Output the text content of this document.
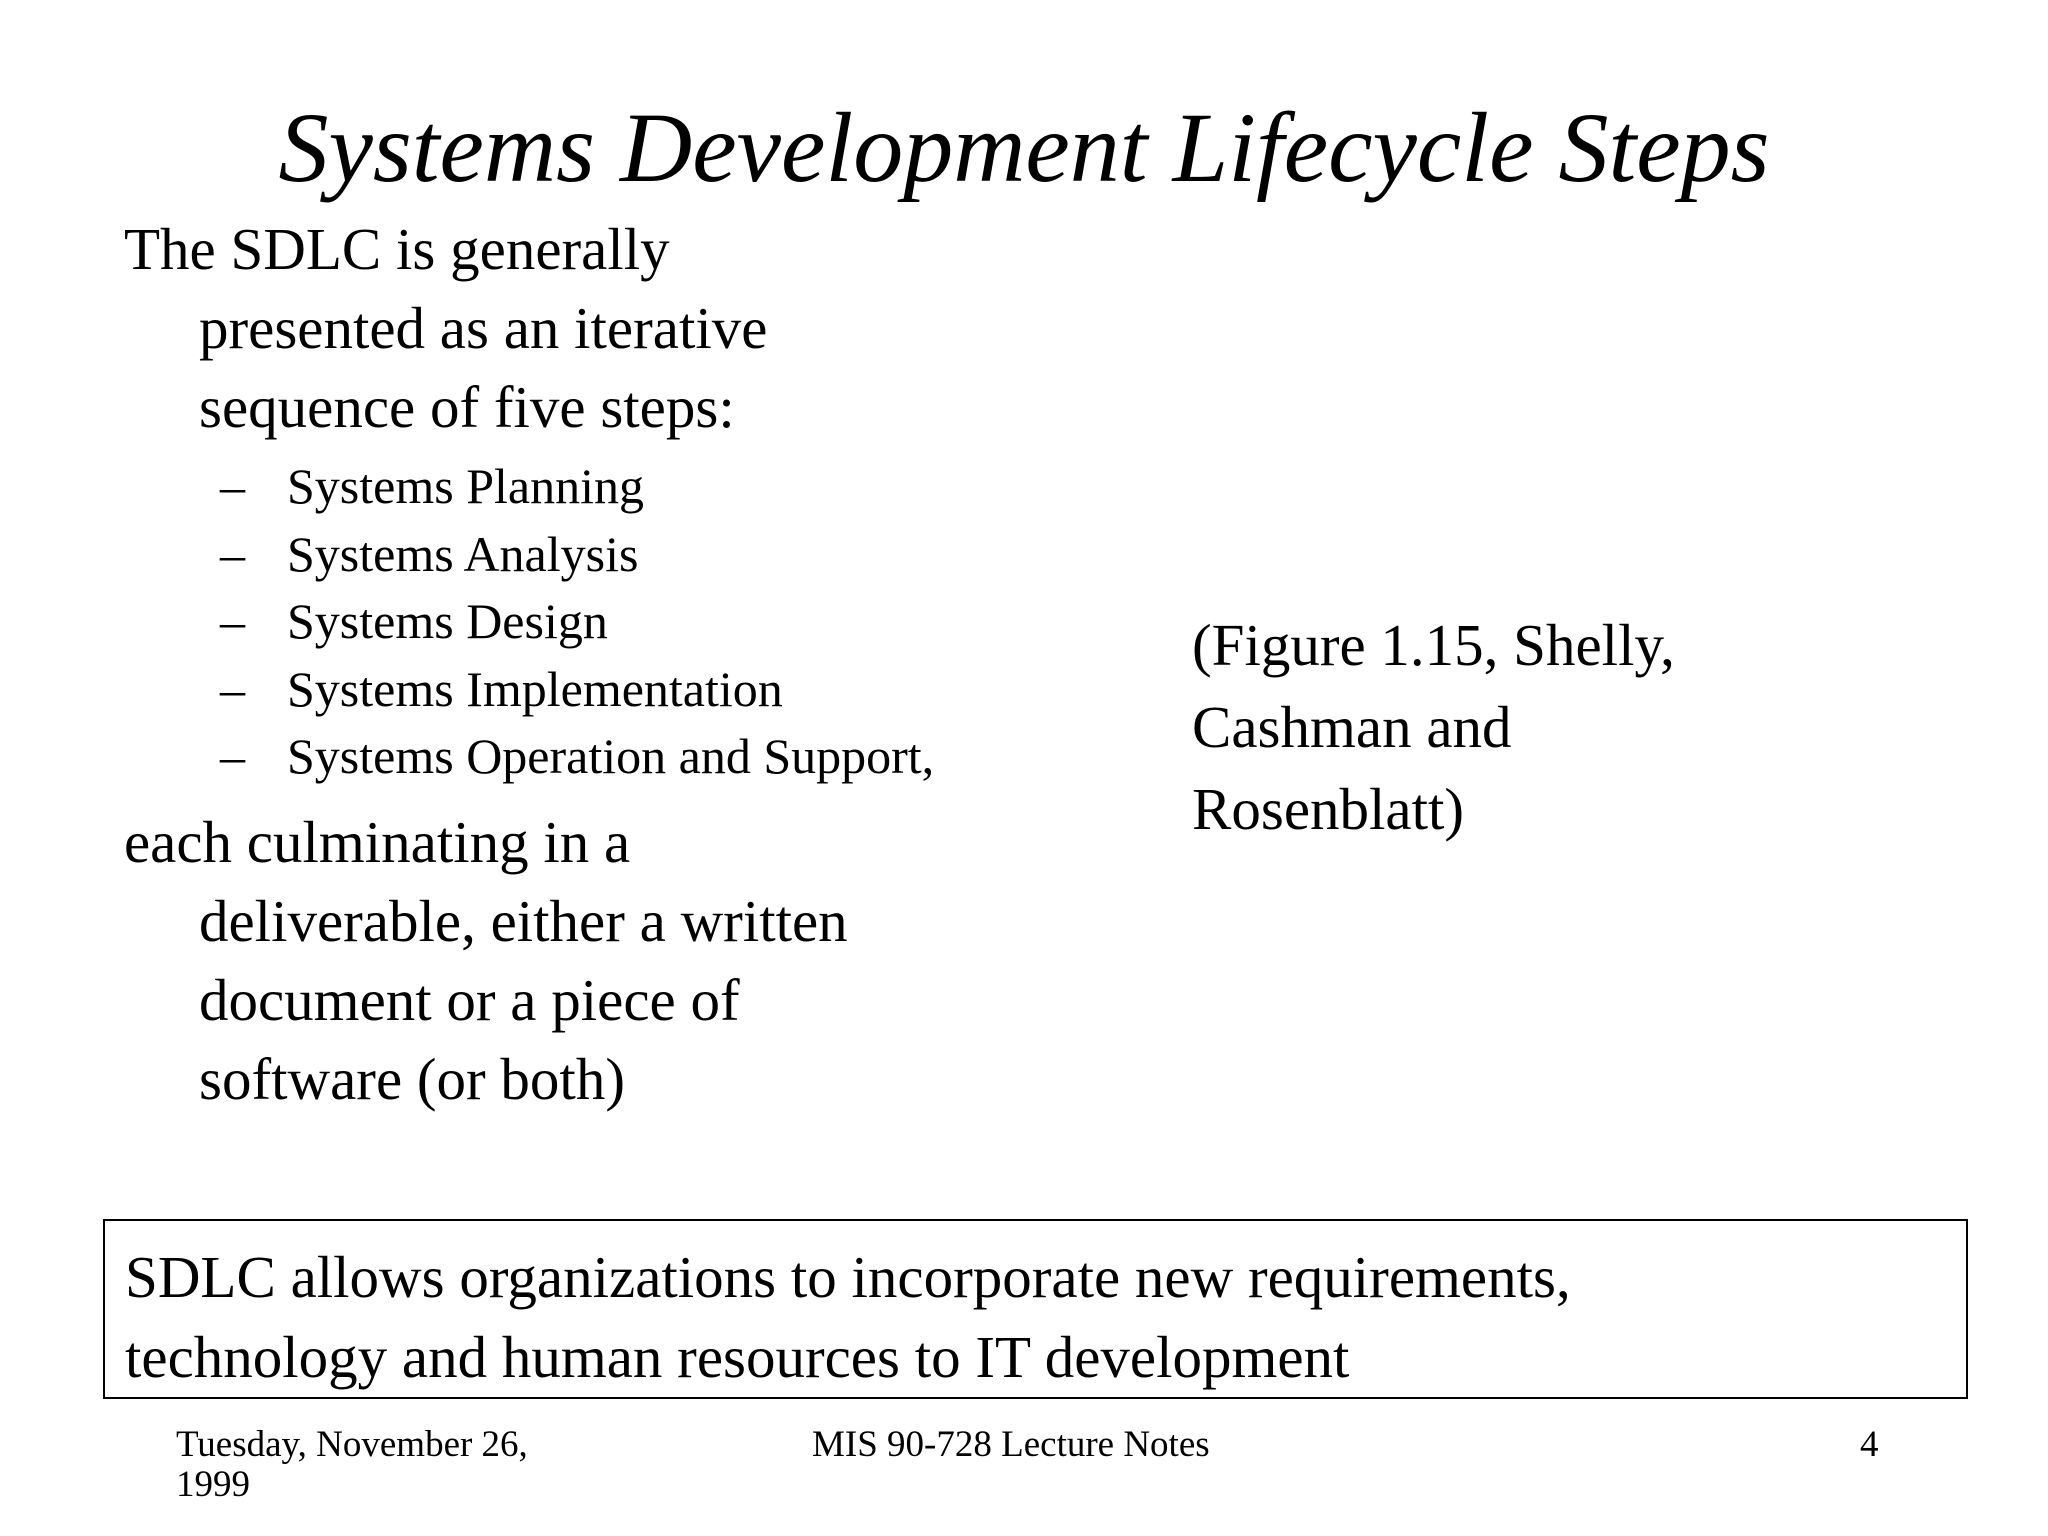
Systems Development Lifecycle Steps

The SDLC is generally
presented as an iterative
sequence of five steps:

– Systems Planning
– Systems Analysis
– Systems Design
– Systems Implementation
– Systems Operation and Support,

each culminating in a
deliverable, either a written
document or a piece of
software (or both)

(Figure 1.15, Shelly,
Cashman and
Rosenblatt)
SDLC allows organizations to incorporate new requirements,
technology and human resources to IT development
Tuesday, November 26,
1999
MIS 90-728 Lecture Notes	4
